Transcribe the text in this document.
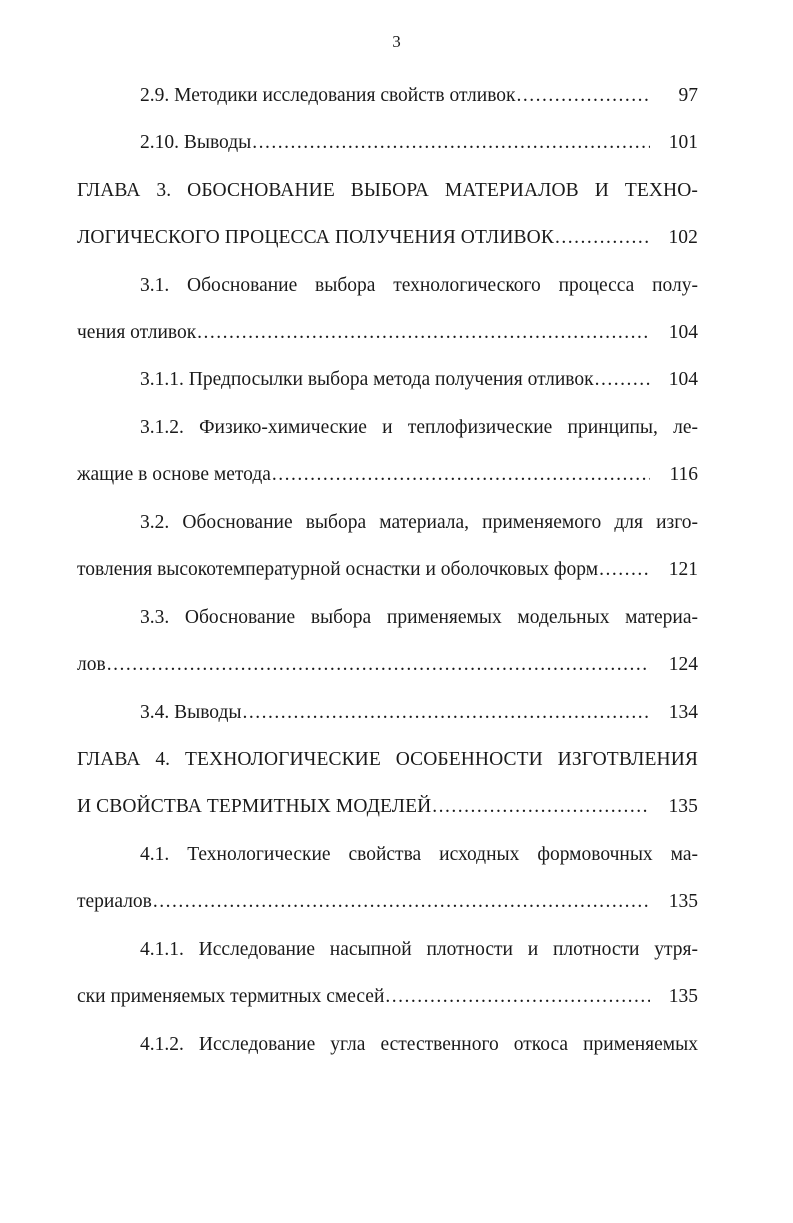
3
2.9. Методики исследования свойств отливок .....	97
2.10. Выводы .....	101
ГЛАВА 3. ОБОСНОВАНИЕ ВЫБОРА МАТЕРИАЛОВ И ТЕХНО-
ЛОГИЧЕСКОГО ПРОЦЕССА ПОЛУЧЕНИЯ ОТЛИВОК .....	102
3.1. Обоснование выбора технологического процесса полу-
чения отливок .....	104
3.1.1. Предпосылки выбора метода получения отливок .....	104
3.1.2. Физико-химические и теплофизические принципы, ле-
жащие в основе метода .....	116
3.2. Обоснование выбора материала, применяемого для изго-
товления высокотемпературной оснастки и оболочковых форм .....	121
3.3. Обоснование выбора применяемых модельных материа-
лов .....	124
3.4. Выводы .....	134
ГЛАВА 4. ТЕХНОЛОГИЧЕСКИЕ ОСОБЕННОСТИ ИЗГОТВЛЕНИЯ
И СВОЙСТВА ТЕРМИТНЫХ МОДЕЛЕЙ .....	135
4.1. Технологические свойства исходных формовочных ма-
териалов .....	135
4.1.1. Исследование насыпной плотности и плотности утря-
ски применяемых термитных смесей .....	135
4.1.2. Исследование угла естественного откоса применяемых
